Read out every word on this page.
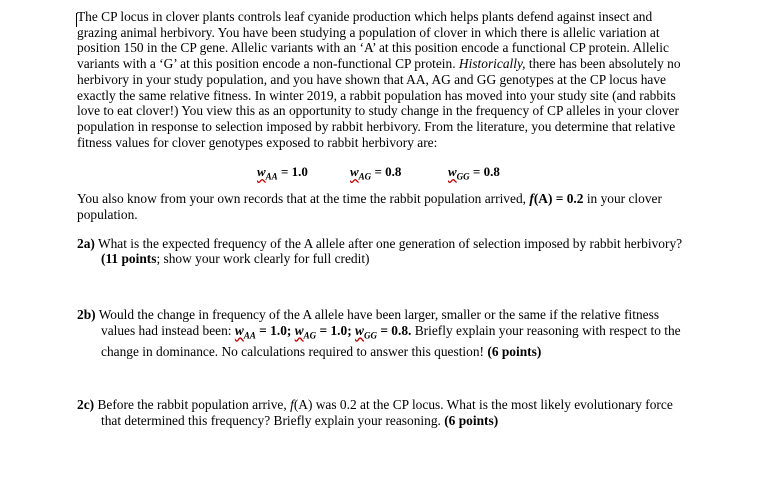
The CP locus in clover plants controls leaf cyanide production which helps plants defend against insect and grazing animal herbivory. You have been studying a population of clover in which there is allelic variation at position 150 in the CP gene. Allelic variants with an ‘A’ at this position encode a functional CP protein. Allelic variants with a ‘G’ at this position encode a non-functional CP protein. Historically, there has been absolutely no herbivory in your study population, and you have shown that AA, AG and GG genotypes at the CP locus have exactly the same relative fitness. In winter 2019, a rabbit population has moved into your study site (and rabbits love to eat clover!) You view this as an opportunity to study change in the frequency of CP alleles in your clover population in response to selection imposed by rabbit herbivory. From the literature, you determine that relative fitness values for clover genotypes exposed to rabbit herbivory are:

$w_{AA} = 1.0$	$w_{AG} = 0.8$	$w_{GG} = 0.8$

You also know from your own records that at the time the rabbit population arrived, f(A) = 0.2 in your clover population.

2a) What is the expected frequency of the A allele after one generation of selection imposed by rabbit herbivory? (11 points; show your work clearly for full credit)

2b) Would the change in frequency of the A allele have been larger, smaller or the same if the relative fitness values had instead been: $w_{AA} = 1.0$; $w_{AG} = 1.0$; $w_{GG} = 0.8$. Briefly explain your reasoning with respect to the change in dominance. No calculations required to answer this question! (6 points)

2c) Before the rabbit population arrive, f(A) was 0.2 at the CP locus. What is the most likely evolutionary force that determined this frequency? Briefly explain your reasoning. (6 points)
